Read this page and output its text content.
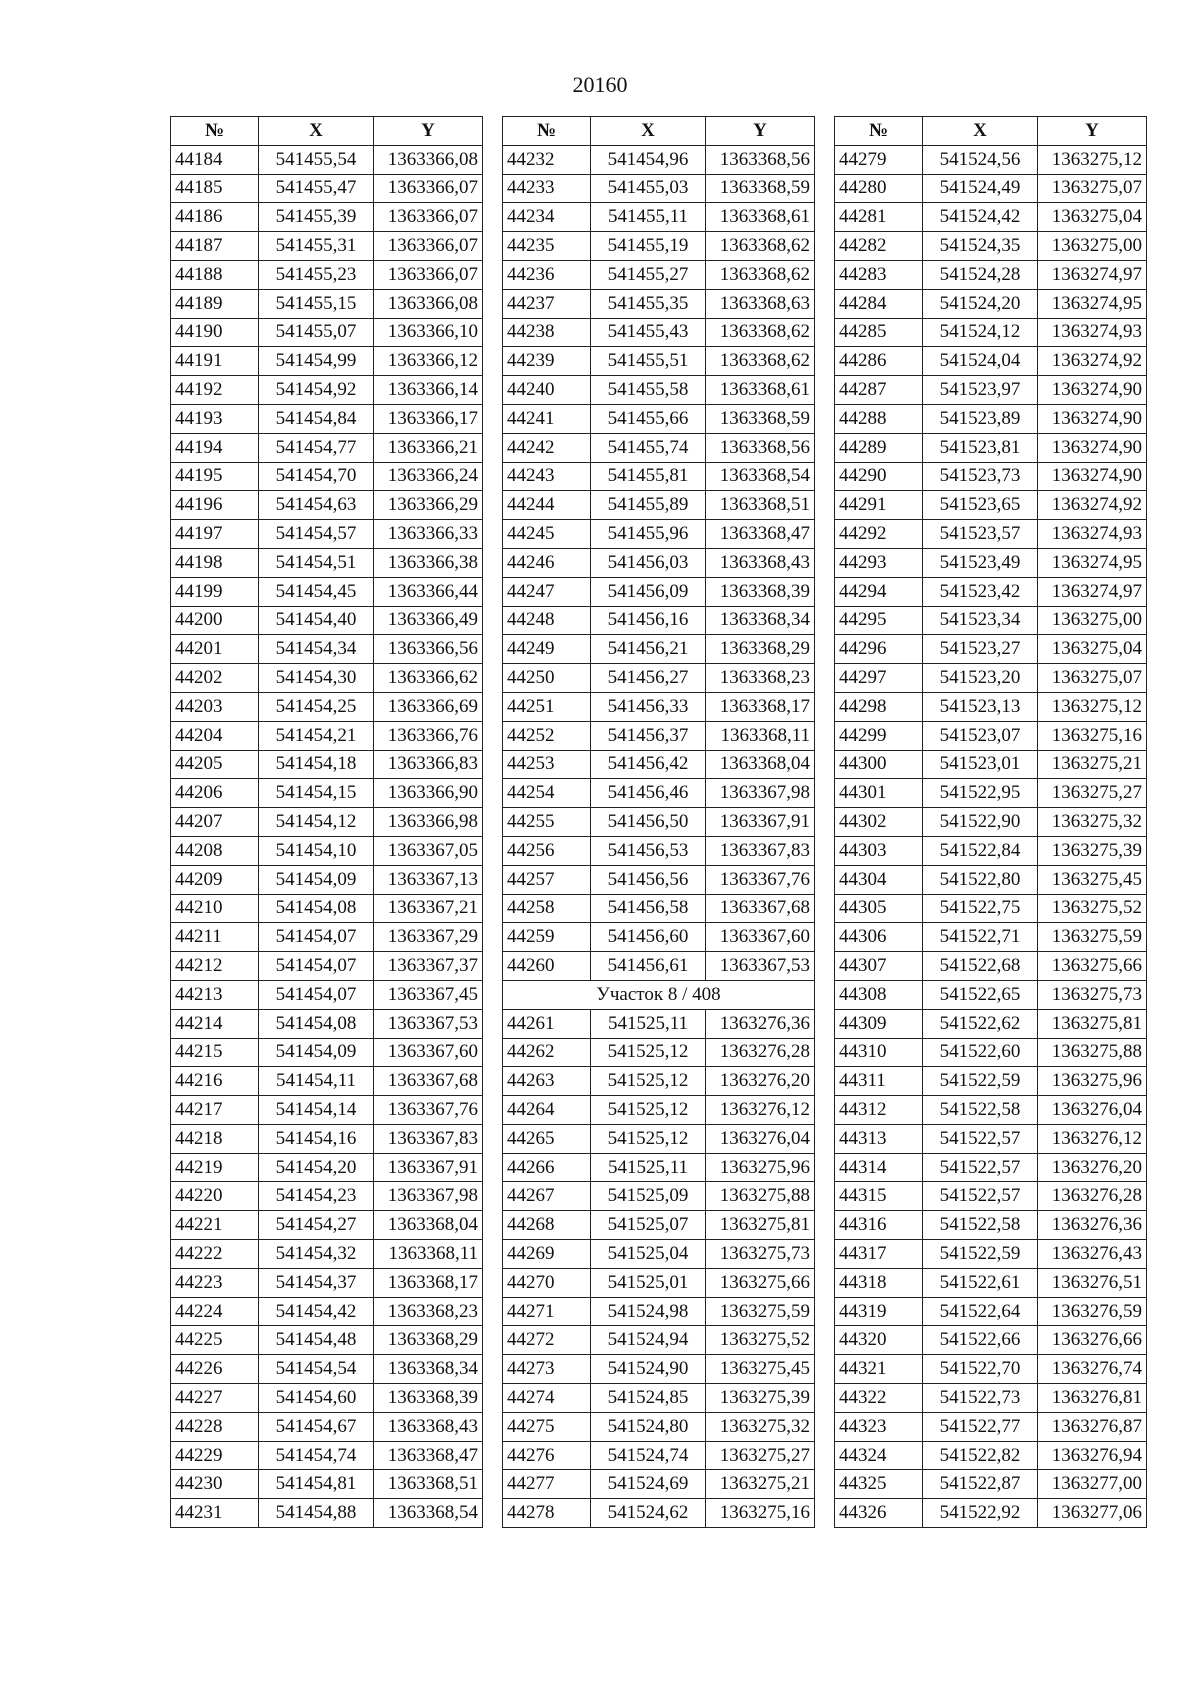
20160
№	X	Y
44184	541455,54	1363366,08
44185	541455,47	1363366,07
44186	541455,39	1363366,07
44187	541455,31	1363366,07
44188	541455,23	1363366,07
44189	541455,15	1363366,08
44190	541455,07	1363366,10
44191	541454,99	1363366,12
44192	541454,92	1363366,14
44193	541454,84	1363366,17
44194	541454,77	1363366,21
44195	541454,70	1363366,24
44196	541454,63	1363366,29
44197	541454,57	1363366,33
44198	541454,51	1363366,38
44199	541454,45	1363366,44
44200	541454,40	1363366,49
44201	541454,34	1363366,56
44202	541454,30	1363366,62
44203	541454,25	1363366,69
44204	541454,21	1363366,76
44205	541454,18	1363366,83
44206	541454,15	1363366,90
44207	541454,12	1363366,98
44208	541454,10	1363367,05
44209	541454,09	1363367,13
44210	541454,08	1363367,21
44211	541454,07	1363367,29
44212	541454,07	1363367,37
44213	541454,07	1363367,45
44214	541454,08	1363367,53
44215	541454,09	1363367,60
44216	541454,11	1363367,68
44217	541454,14	1363367,76
44218	541454,16	1363367,83
44219	541454,20	1363367,91
44220	541454,23	1363367,98
44221	541454,27	1363368,04
44222	541454,32	1363368,11
44223	541454,37	1363368,17
44224	541454,42	1363368,23
44225	541454,48	1363368,29
44226	541454,54	1363368,34
44227	541454,60	1363368,39
44228	541454,67	1363368,43
44229	541454,74	1363368,47
44230	541454,81	1363368,51
44231	541454,88	1363368,54
№	X	Y
44232	541454,96	1363368,56
44233	541455,03	1363368,59
44234	541455,11	1363368,61
44235	541455,19	1363368,62
44236	541455,27	1363368,62
44237	541455,35	1363368,63
44238	541455,43	1363368,62
44239	541455,51	1363368,62
44240	541455,58	1363368,61
44241	541455,66	1363368,59
44242	541455,74	1363368,56
44243	541455,81	1363368,54
44244	541455,89	1363368,51
44245	541455,96	1363368,47
44246	541456,03	1363368,43
44247	541456,09	1363368,39
44248	541456,16	1363368,34
44249	541456,21	1363368,29
44250	541456,27	1363368,23
44251	541456,33	1363368,17
44252	541456,37	1363368,11
44253	541456,42	1363368,04
44254	541456,46	1363367,98
44255	541456,50	1363367,91
44256	541456,53	1363367,83
44257	541456,56	1363367,76
44258	541456,58	1363367,68
44259	541456,60	1363367,60
44260	541456,61	1363367,53
Участок 8 / 408		
44261	541525,11	1363276,36
44262	541525,12	1363276,28
44263	541525,12	1363276,20
44264	541525,12	1363276,12
44265	541525,12	1363276,04
44266	541525,11	1363275,96
44267	541525,09	1363275,88
44268	541525,07	1363275,81
44269	541525,04	1363275,73
44270	541525,01	1363275,66
44271	541524,98	1363275,59
44272	541524,94	1363275,52
44273	541524,90	1363275,45
44274	541524,85	1363275,39
44275	541524,80	1363275,32
44276	541524,74	1363275,27
44277	541524,69	1363275,21
44278	541524,62	1363275,16
№	X	Y
44279	541524,56	1363275,12
44280	541524,49	1363275,07
44281	541524,42	1363275,04
44282	541524,35	1363275,00
44283	541524,28	1363274,97
44284	541524,20	1363274,95
44285	541524,12	1363274,93
44286	541524,04	1363274,92
44287	541523,97	1363274,90
44288	541523,89	1363274,90
44289	541523,81	1363274,90
44290	541523,73	1363274,90
44291	541523,65	1363274,92
44292	541523,57	1363274,93
44293	541523,49	1363274,95
44294	541523,42	1363274,97
44295	541523,34	1363275,00
44296	541523,27	1363275,04
44297	541523,20	1363275,07
44298	541523,13	1363275,12
44299	541523,07	1363275,16
44300	541523,01	1363275,21
44301	541522,95	1363275,27
44302	541522,90	1363275,32
44303	541522,84	1363275,39
44304	541522,80	1363275,45
44305	541522,75	1363275,52
44306	541522,71	1363275,59
44307	541522,68	1363275,66
44308	541522,65	1363275,73
44309	541522,62	1363275,81
44310	541522,60	1363275,88
44311	541522,59	1363275,96
44312	541522,58	1363276,04
44313	541522,57	1363276,12
44314	541522,57	1363276,20
44315	541522,57	1363276,28
44316	541522,58	1363276,36
44317	541522,59	1363276,43
44318	541522,61	1363276,51
44319	541522,64	1363276,59
44320	541522,66	1363276,66
44321	541522,70	1363276,74
44322	541522,73	1363276,81
44323	541522,77	1363276,87
44324	541522,82	1363276,94
44325	541522,87	1363277,00
44326	541522,92	1363277,06
